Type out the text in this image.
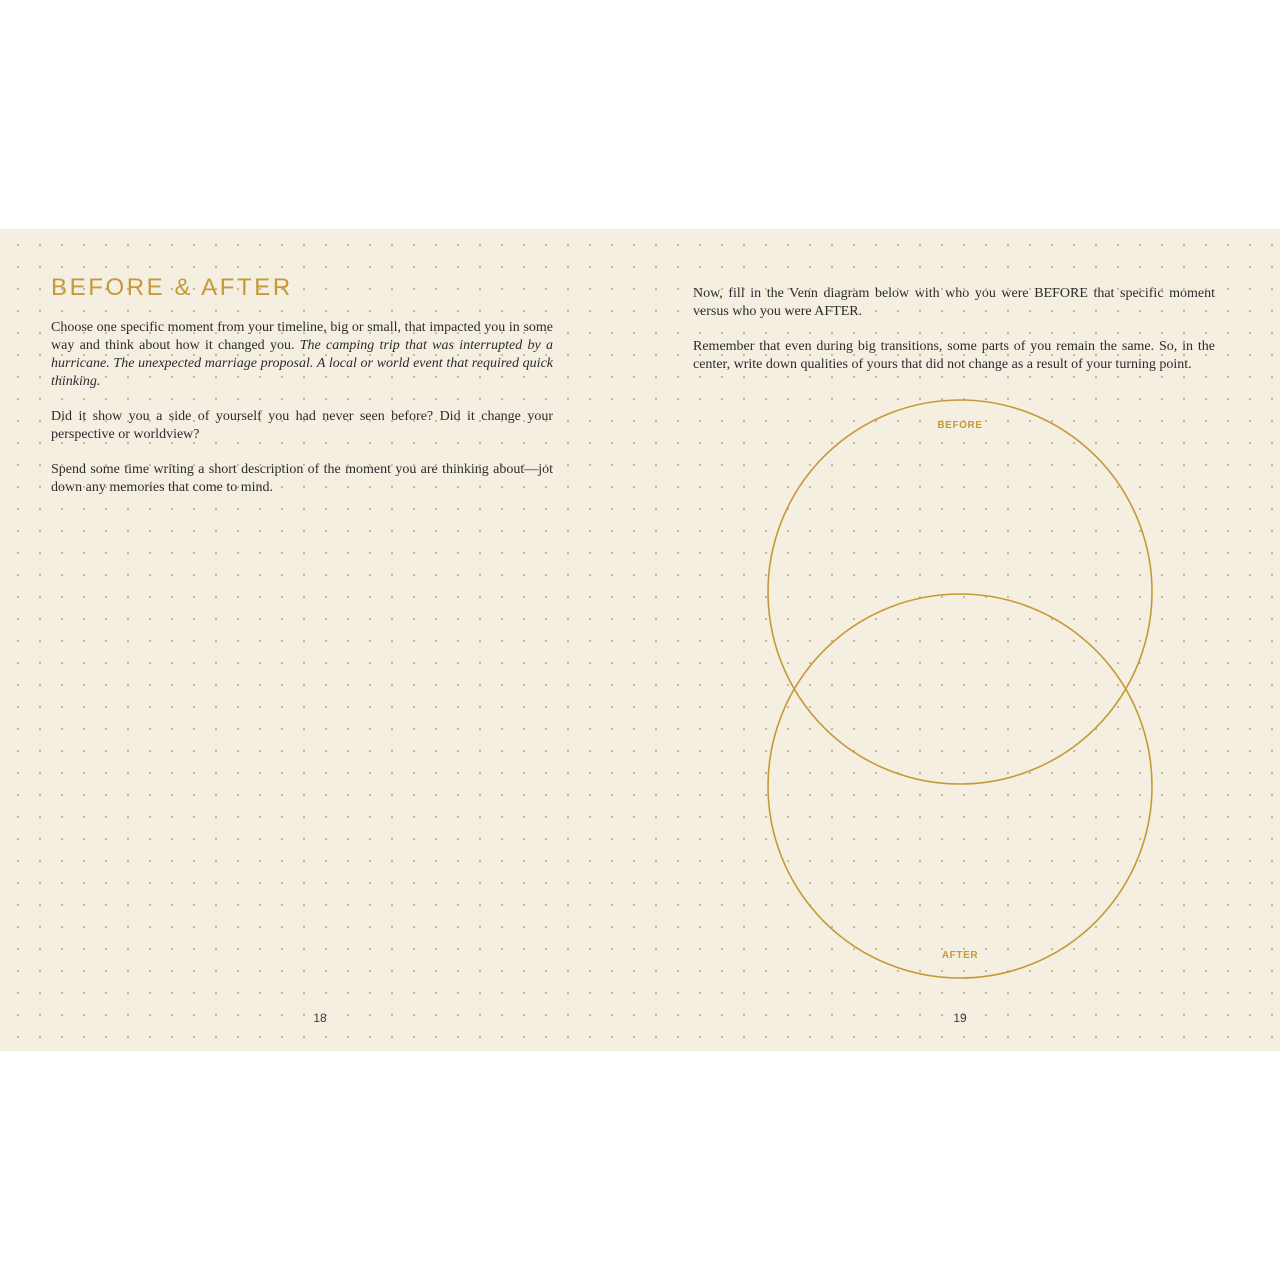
BEFORE & AFTER

Choose one specific moment from your timeline, big or small, that impacted you in some way and think about how it changed you. The camping trip that was interrupted by a hurricane. The unexpected marriage proposal. A local or world event that required quick thinking.

Did it show you a side of yourself you had never seen before? Did it change your perspective or worldview?

Spend some time writing a short description of the moment you are thinking about—jot down any memories that come to mind.

18

Now, fill in the Venn diagram below with who you were BEFORE that specific moment versus who you were AFTER.

Remember that even during big transitions, some parts of you remain the same. So, in the center, write down qualities of yours that did not change as a result of your turning point.

BEFORE
AFTER
19
